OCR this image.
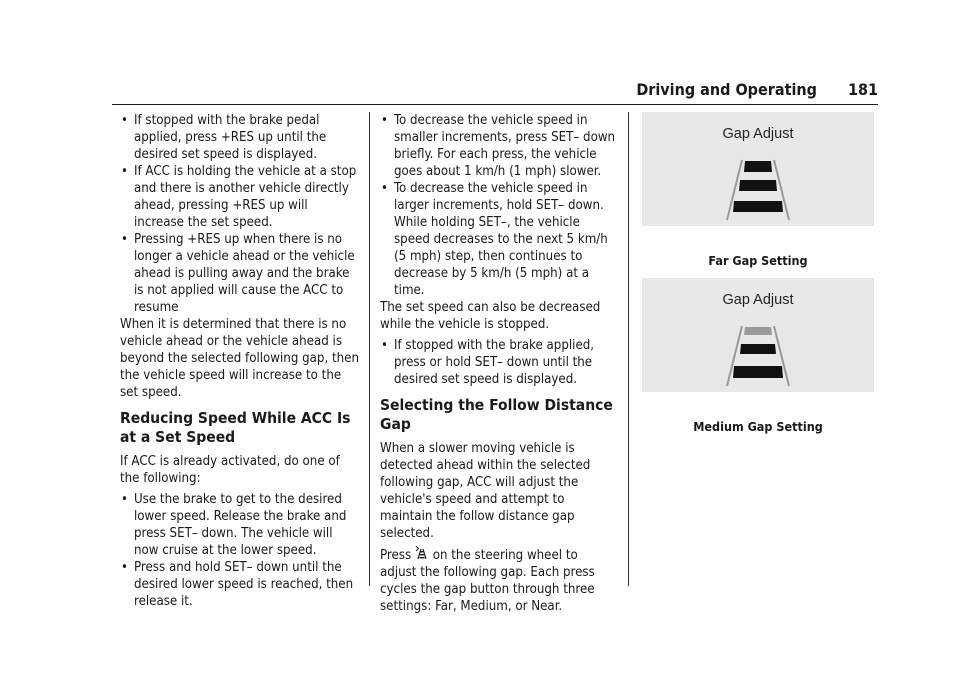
Driving and Operating 181

• If stopped with the brake pedal applied, press +RES up until the desired set speed is displayed.

• If ACC is holding the vehicle at a stop and there is another vehicle directly ahead, pressing +RES up will increase the set speed.

• Pressing +RES up when there is no longer a vehicle ahead or the vehicle ahead is pulling away and the brake is not applied will cause the ACC to resume

When it is determined that there is no vehicle ahead or the vehicle ahead is beyond the selected following gap, then the vehicle speed will increase to the set speed.

Reducing Speed While ACC Is at a Set Speed

If ACC is already activated, do one of the following:

• Use the brake to get to the desired lower speed. Release the brake and press SET– down. The vehicle will now cruise at the lower speed.

• Press and hold SET– down until the desired lower speed is reached, then release it.

• To decrease the vehicle speed in smaller increments, press SET– down briefly. For each press, the vehicle goes about 1 km/h (1 mph) slower.

• To decrease the vehicle speed in larger increments, hold SET– down. While holding SET–, the vehicle speed decreases to the next 5 km/h (5 mph) step, then continues to decrease by 5 km/h (5 mph) at a time.

The set speed can also be decreased while the vehicle is stopped.

• If stopped with the brake applied, press or hold SET– down until the desired set speed is displayed.

Selecting the Follow Distance Gap

When a slower moving vehicle is detected ahead within the selected following gap, ACC will adjust the vehicle's speed and attempt to maintain the follow distance gap selected.

Press on the steering wheel to adjust the following gap. Each press cycles the gap button through three settings: Far, Medium, or Near.

Gap Adjust
Far Gap Setting
Gap Adjust
Medium Gap Setting
